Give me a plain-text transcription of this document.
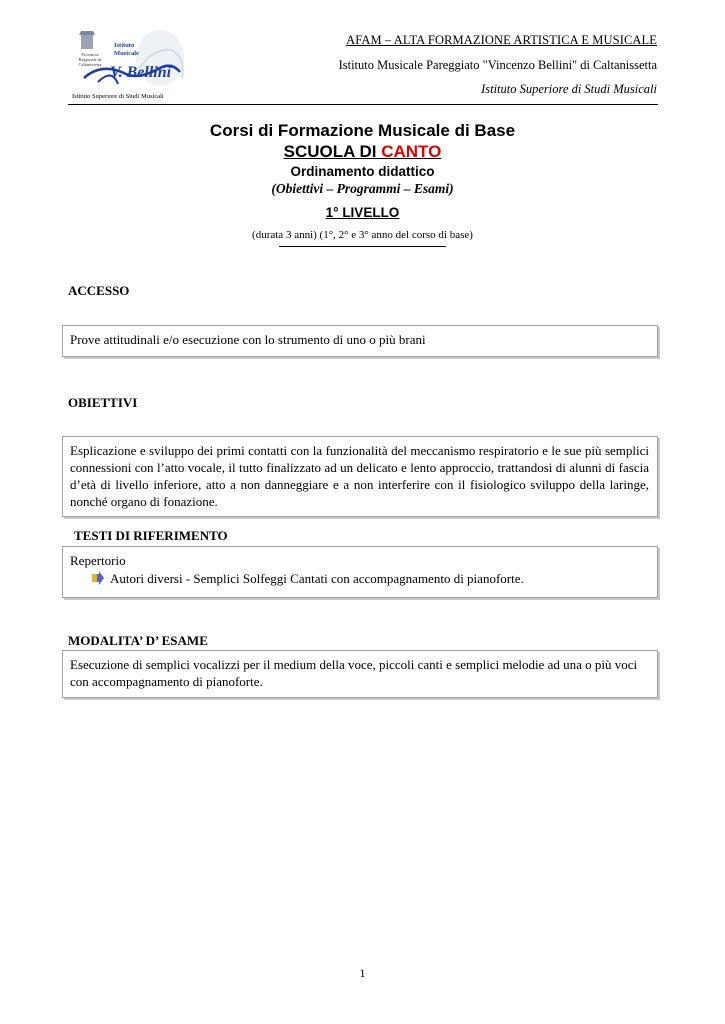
Provincia Regionale di Caltanissetta
Istituto Musicale
V. Bellini
Istituto Superiore di Studi Musicali
AFAM – ALTA FORMAZIONE ARTISTICA E MUSICALE
Istituto Musicale Pareggiato "Vincenzo Bellini" di Caltanissetta
Istituto Superiore di Studi Musicali
Corsi di Formazione Musicale di Base
SCUOLA DI CANTO
Ordinamento didattico
(Obiettivi – Programmi – Esami)
1° LIVELLO
(durata 3 anni) (1°, 2° e 3° anno del corso di base)
ACCESSO
Prove attitudinali e/o esecuzione con lo strumento di uno o più brani
OBIETTIVI
Esplicazione e sviluppo dei primi contatti con la funzionalità del meccanismo respiratorio e le sue più semplici connessioni con l’atto vocale, il tutto finalizzato ad un delicato e lento approccio, trattandosi di alunni di fascia d’età di livello inferiore, atto a non danneggiare e a non interferire con il fisiologico sviluppo della laringe, nonché organo di fonazione.
TESTI DI RIFERIMENTO
Repertorio
Autori diversi - Semplici Solfeggi Cantati con accompagnamento di pianoforte.
MODALITA’ D’ ESAME
Esecuzione di semplici vocalizzi per il medium della voce, piccoli canti e semplici melodie ad una o più voci con accompagnamento di pianoforte.
1
